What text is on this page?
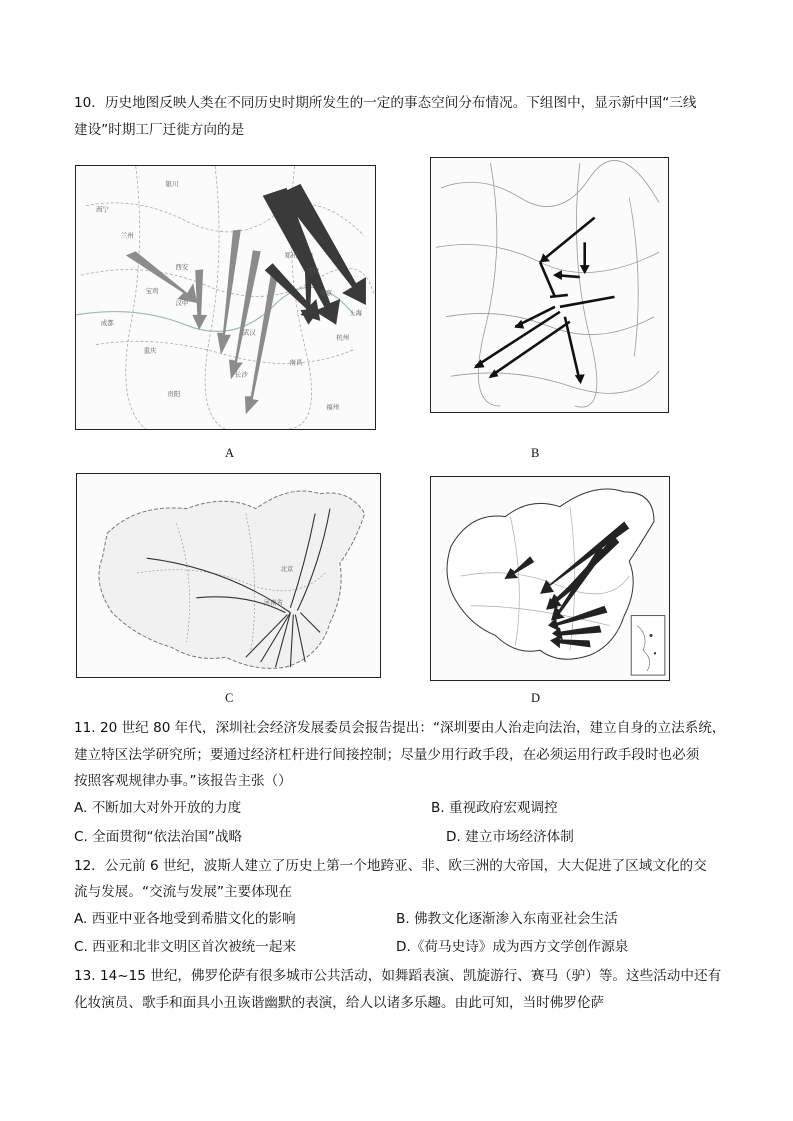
10．历史地图反映人类在不同历史时期所发生的一定的事态空间分布情况。下组图中，显示新中国“三线
建设”时期工厂迁徙方向的是
银川
西宁
兰州
西安
郑州
开封
宝鸡
汉中
成都
重庆
武汉
长沙
南京
上海
杭州
贵阳
南昌
福州
A	B
北京
河南省
C	D
11. 20 世纪 80 年代，深圳社会经济发展委员会报告提出：“深圳要由人治走向法治，建立自身的立法系统，
建立特区法学研究所；要通过经济杠杆进行间接控制；尽量少用行政手段，在必须运用行政手段时也必须
按照客观规律办事。”该报告主张（）
A. 不断加大对外开放的力度	B. 重视政府宏观调控
C. 全面贯彻“依法治国”战略	D. 建立市场经济体制
12．公元前 6 世纪，波斯人建立了历史上第一个地跨亚、非、欧三洲的大帝国，大大促进了区域文化的交
流与发展。“交流与发展”主要体现在
A. 西亚中亚各地受到希腊文化的影响	B. 佛教文化逐渐渗入东南亚社会生活
C. 西亚和北非文明区首次被统一起来	D.《荷马史诗》成为西方文学创作源泉
13. 14~15 世纪，佛罗伦萨有很多城市公共活动，如舞蹈表演、凯旋游行、赛马（驴）等。这些活动中还有
化妆演员、歌手和面具小丑诙谐幽默的表演，给人以诸多乐趣。由此可知，当时佛罗伦萨
